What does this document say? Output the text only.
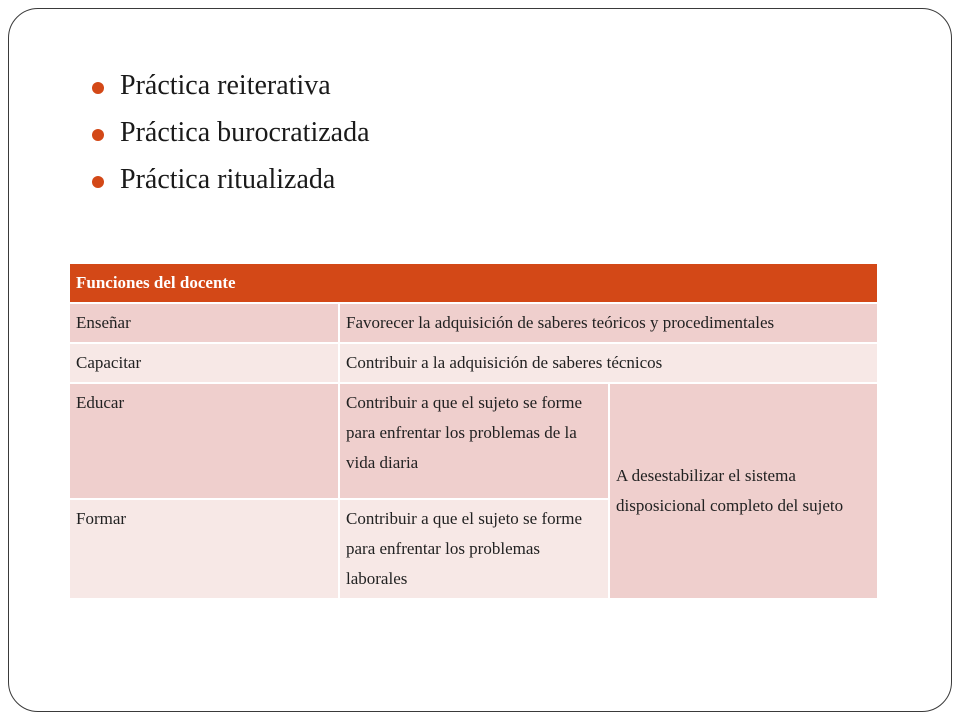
Práctica reiterativa
Práctica burocratizada
Práctica ritualizada
Funciones del docente		
Enseñar	Favorecer la adquisición de saberes teóricos y procedimentales	
Capacitar	Contribuir a la adquisición de saberes técnicos	
Educar	Contribuir a que el sujeto se forme para enfrentar los problemas de la vida diaria	A desestabilizar el sistema disposicional completo del sujeto
Formar	Contribuir a que el sujeto se forme para enfrentar los problemas laborales	
